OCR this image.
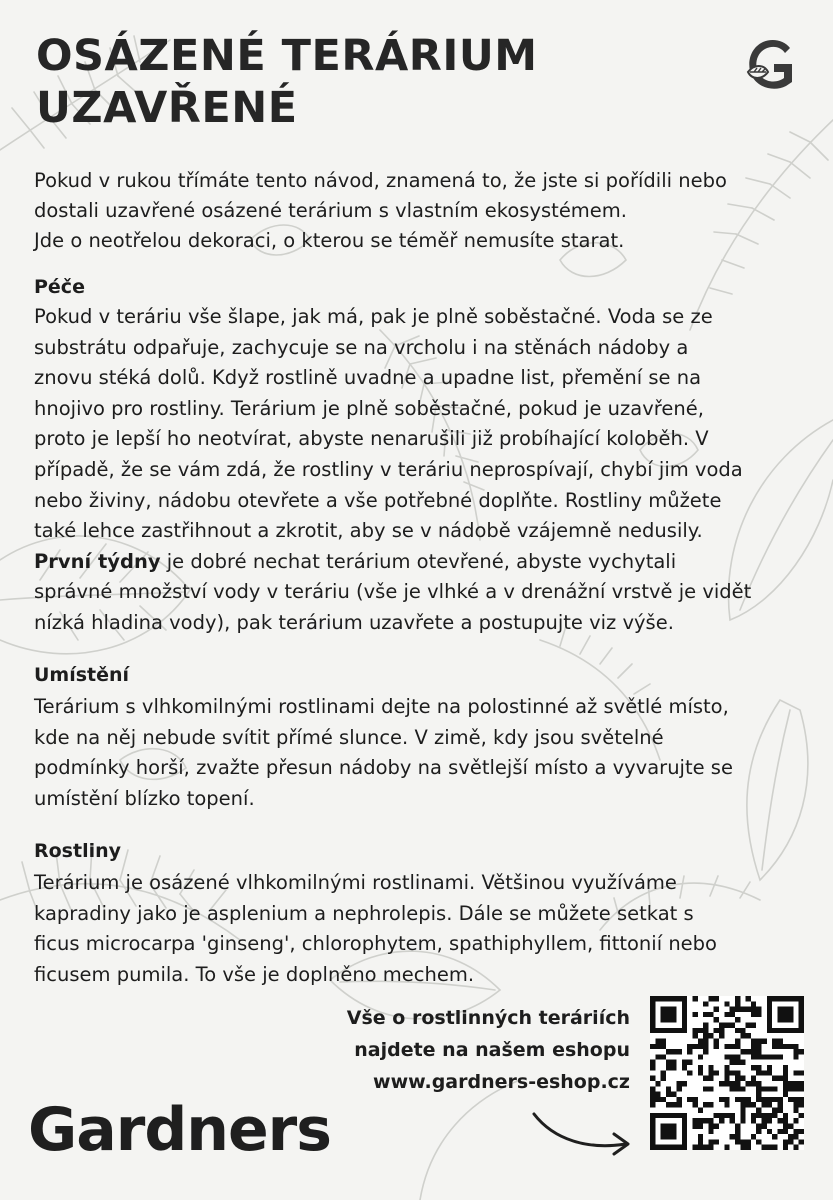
OSÁZENÉ TERÁRIUM
UZAVŘENÉ

Pokud v rukou třímáte tento návod, znamená to, že jste si pořídili nebo
dostali uzavřené osázené terárium s vlastním ekosystémem.
Jde o neotřelou dekoraci, o kterou se téměř nemusíte starat.

Péče

Pokud v teráriu vše šlape, jak má, pak je plně soběstačné. Voda se ze
substrátu odpařuje, zachycuje se na vrcholu i na stěnách nádoby a
znovu stéká dolů. Když rostlině uvadne a upadne list, přemění se na
hnojivo pro rostliny. Terárium je plně soběstačné, pokud je uzavřené,
proto je lepší ho neotvírat, abyste nenarušili již probíhající koloběh. V
případě, že se vám zdá, že rostliny v teráriu neprospívají, chybí jim voda
nebo živiny, nádobu otevřete a vše potřebné doplňte. Rostliny můžete
také lehce zastřihnout a zkrotit, aby se v nádobě vzájemně nedusily.
První týdny je dobré nechat terárium otevřené, abyste vychytali
správné množství vody v teráriu (vše je vlhké a v drenážní vrstvě je vidět
nízká hladina vody), pak terárium uzavřete a postupujte viz výše.

Umístění

Terárium s vlhkomilnými rostlinami dejte na polostinné až světlé místo,
kde na něj nebude svítit přímé slunce. V zimě, kdy jsou světelné
podmínky horší, zvažte přesun nádoby na světlejší místo a vyvarujte se
umístění blízko topení.

Rostliny

Terárium je osázené vlhkomilnými rostlinami. Většinou využíváme
kapradiny jako je asplenium a nephrolepis. Dále se můžete setkat s
ficus microcarpa 'ginseng', chlorophytem, spathiphyllem, fittonií nebo
ficusem pumila. To vše je doplněno mechem.

Vše o rostlinných teráriích
najdete na našem eshopu
www.gardners-eshop.cz

Gardners
